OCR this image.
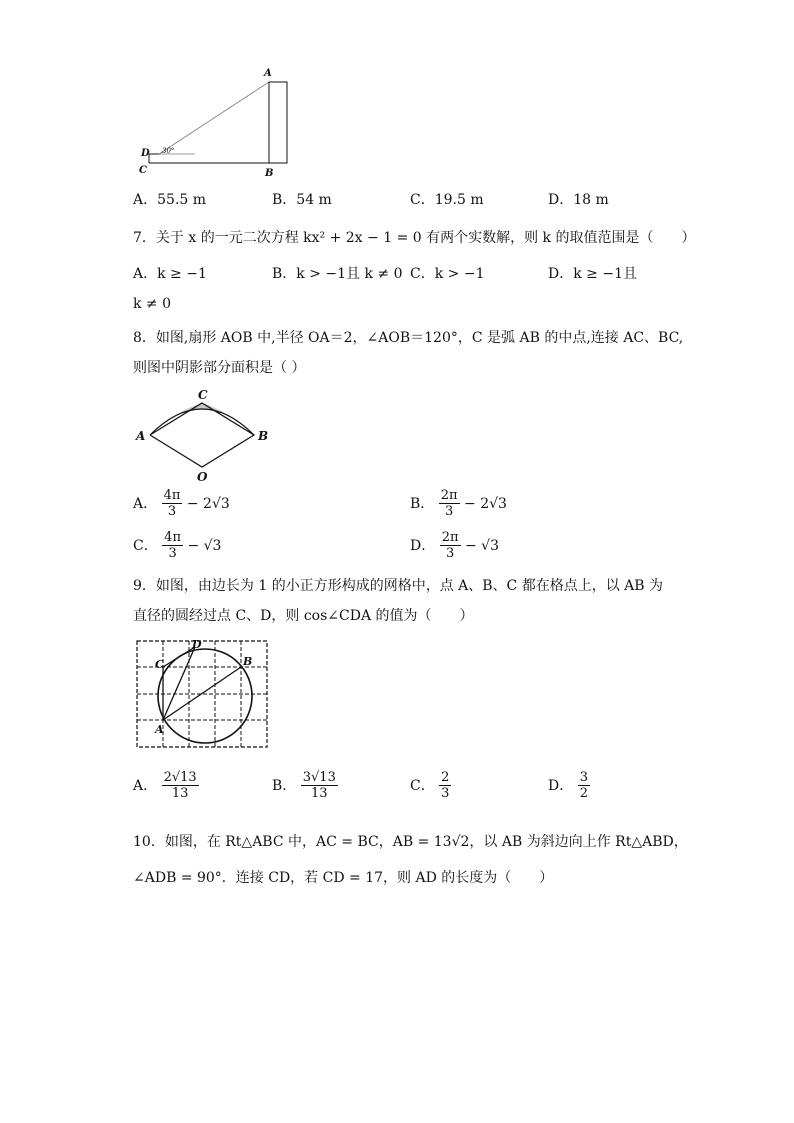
A
B
C
D 30°
A．55.5 m	B．54 m	C．19.5 m	D．18 m
7．关于 x 的一元二次方程 kx² + 2x − 1 = 0 有两个实数解，则 k 的取值范围是（　　）
A．k ≥ −1	B．k > −1且 k ≠ 0 C．k > −1	D．k ≥ −1且
k ≠ 0
8．如图,扇形 AOB 中,半径 OA＝2，∠AOB＝120°，C 是弧 AB 的中点,连接 AC、BC,
则图中阴影部分面积是（ ）
A	B
C
O
A． $\frac{4\pi}{3} - 2√3$	B． $\frac{2\pi}{3} - 2√3$
C． $\frac{4\pi}{3} - √3$	D． $\frac{2\pi}{3} - √3$
9．如图，由边长为 1 的小正方形构成的网格中，点 A、B、C 都在格点上，以 AB 为
直径的圆经过点 C、D，则 cos∠CDA 的值为（　　）
A
B
C
D
A． $\frac{2√13}{13}$	B． $\frac{3√13}{13}$	C． $\frac{2}{3}$	D． $\frac{3}{2}$
10．如图，在 Rt△ABC 中，AC = BC，AB = 13√2，以 AB 为斜边向上作 Rt△ABD，
∠ADB = 90°．连接 CD，若 CD = 17，则 AD 的长度为（　　）
